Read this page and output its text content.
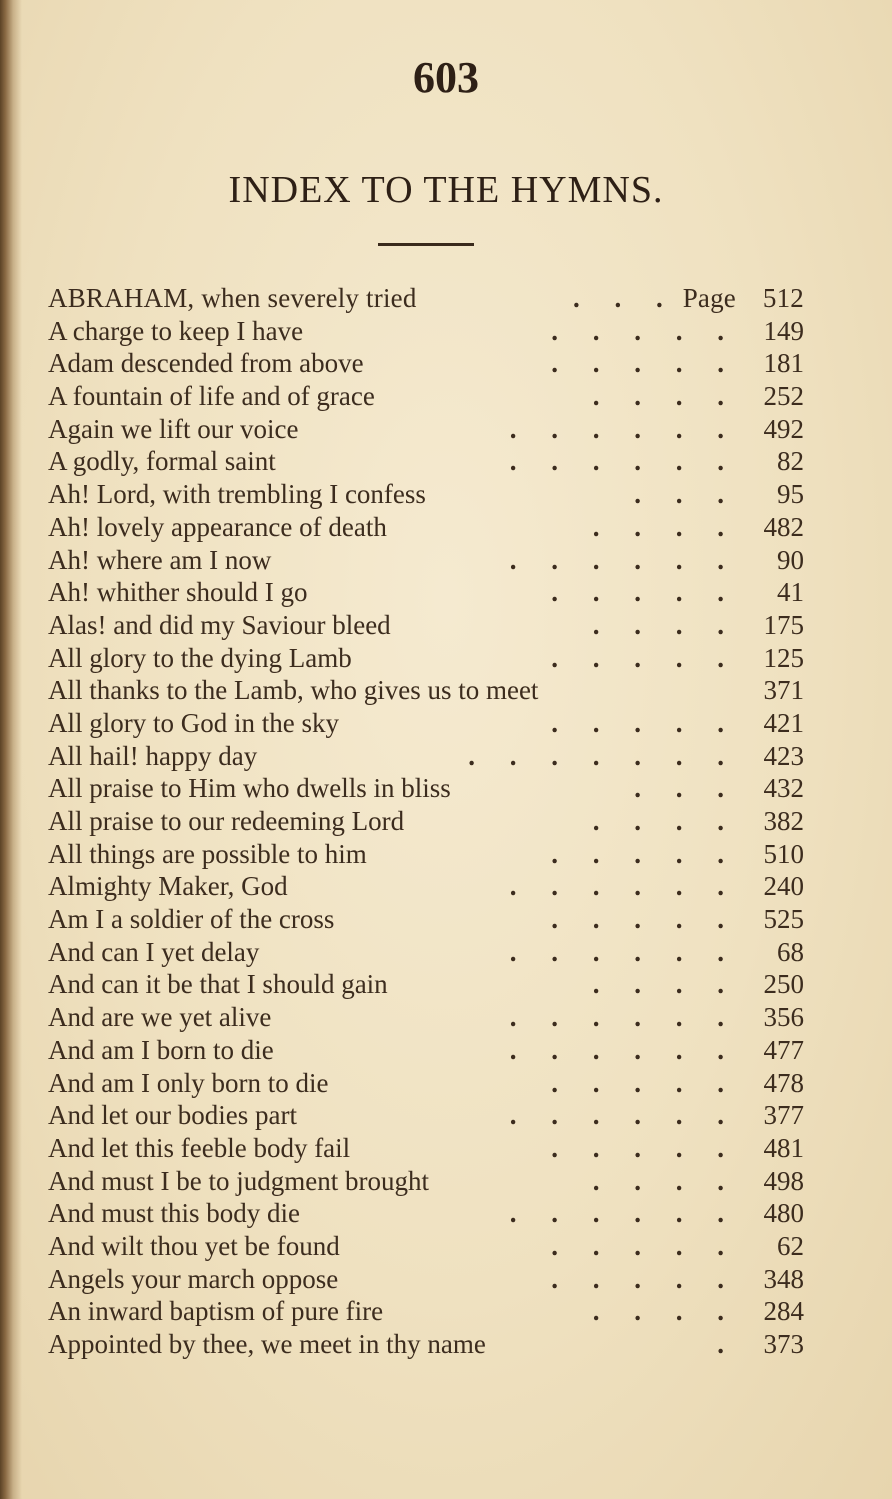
603
INDEX TO THE HYMNS.
ABRAHAM, when severely tried	. . . Page 512
A charge to keep I have	. . . . . 149
Adam descended from above	. . . . . 181
A fountain of life and of grace	. . . . 252
Again we lift our voice	. . . . . . 492
A godly, formal saint	. . . . . .	82
Ah! Lord, with trembling I confess	. . .	95
Ah! lovely appearance of death	. . . . 482
Ah! where am I now	. . . . . .	90
Ah! whither should I go	. . . . .	41
Alas! and did my Saviour bleed	. . . . 175
All glory to the dying Lamb	. . . . . 125
All thanks to the Lamb, who gives us to meet	371
All glory to God in the sky	. . . . . 421
All hail! happy day	. . . . . . . 423
All praise to Him who dwells in bliss	. . . 432
All praise to our redeeming Lord	. . . . 382
All things are possible to him	. . . . . 510
Almighty Maker, God	. . . . . . 240
Am I a soldier of the cross	. . . . . 525
And can I yet delay	. . . . . .	68
And can it be that I should gain	. . . . 250
And are we yet alive	. . . . . . 356
And am I born to die	. . . . . . 477
And am I only born to die	. . . . . 478
And let our bodies part	. . . . . . 377
And let this feeble body fail	. . . . . 481
And must I be to judgment brought	. . . . 498
And must this body die	. . . . . . 480
And wilt thou yet be found	. . . . .	62
Angels your march oppose	. . . . . 348
An inward baptism of pure fire	. . . . 284
Appointed by thee, we meet in thy name	. 373
